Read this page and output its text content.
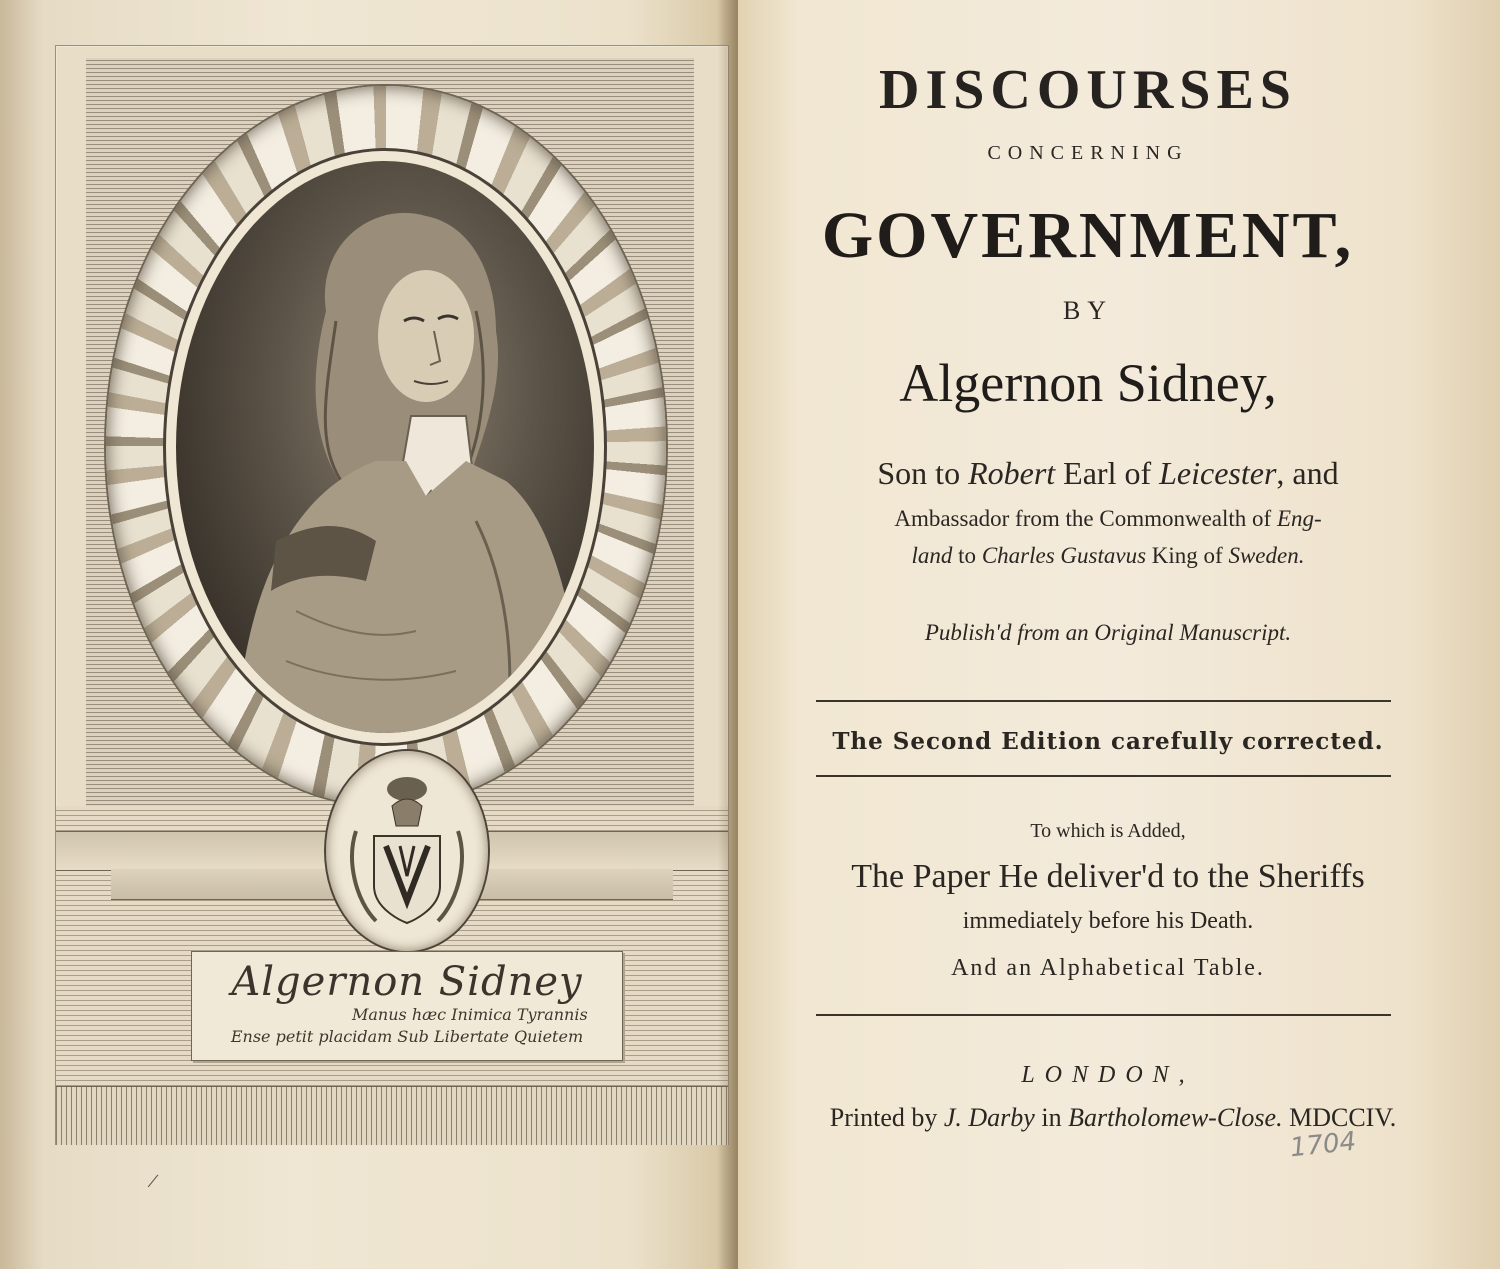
Algernon Sidney
Manus hæc Inimica Tyrannis
Ense petit placidam Sub Libertate Quietem
/
DISCOURSES
CONCERNING
GOVERNMENT,
BY
Algernon Sidney,
Son to Robert Earl of Leicester, and
Ambassador from the Commonwealth of Eng-
land to Charles Gustavus King of Sweden.
Publish'd from an Original Manuscript.
The Second Edition carefully corrected.
To which is Added,
The Paper He deliver'd to the Sheriffs
immediately before his Death.
And an Alphabetical Table.
LONDON,
Printed by J. Darby in Bartholomew-Close. MDCCIV.
1704
